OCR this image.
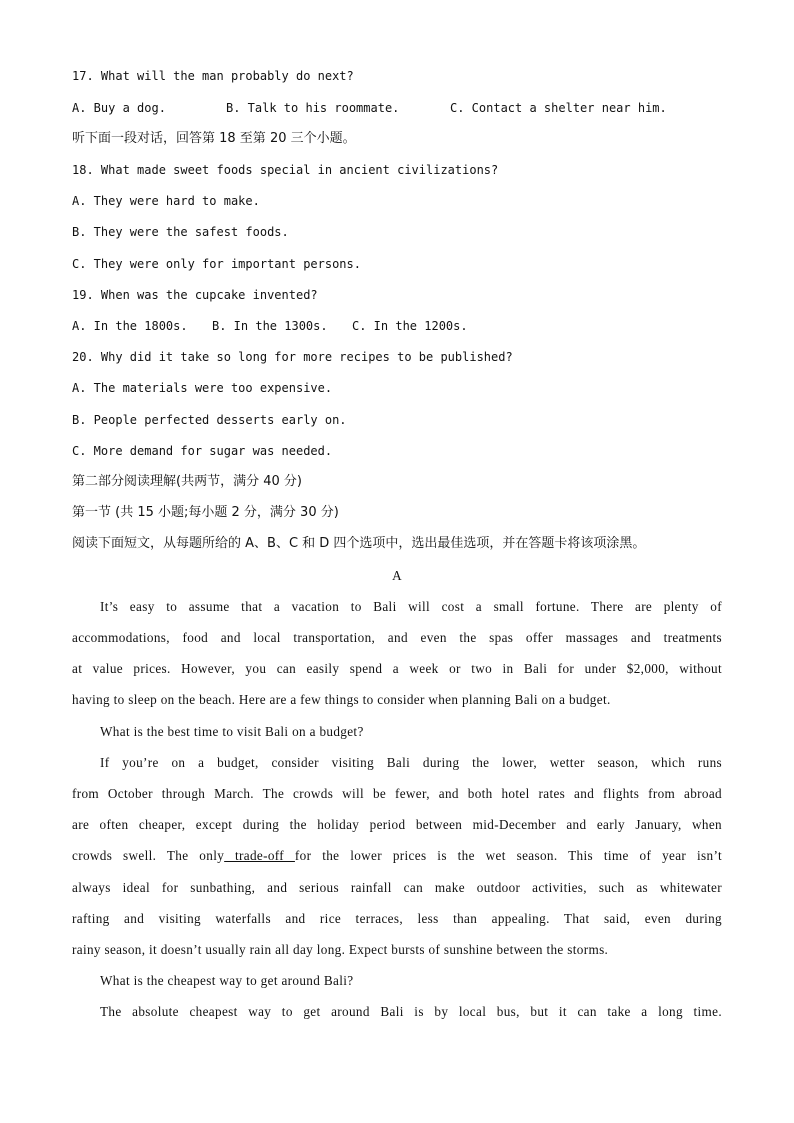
17. What will the man probably do next?
A. Buy a dog.	B. Talk to his roommate.	C. Contact a shelter near him.
听下面一段对话，回答第 18 至第 20 三个小题。
18. What made sweet foods special in ancient civilizations?
A. They were hard to make.
B. They were the safest foods.
C. They were only for important persons.
19. When was the cupcake invented?
A. In the 1800s. B. In the 1300s. C. In the 1200s.
20. Why did it take so long for more recipes to be published?
A. The materials were too expensive.
B. People perfected desserts early on.
C. More demand for sugar was needed.
第二部分阅读理解(共两节，满分 40 分)
第一节 (共 15 小题;每小题 2 分，满分 30 分)
阅读下面短文，从每题所给的 A、B、C 和 D 四个选项中，选出最佳选项，并在答题卡将该项涂黑。
A
It’s easy to assume that a vacation to Bali will cost a small fortune. There are plenty of
accommodations, food and local transportation, and even the spas offer massages and treatments
at value prices. However, you can easily spend a week or two in Bali for under $2,000, without
having to sleep on the beach. Here are a few things to consider when planning Bali on a budget.
What is the best time to visit Bali on a budget?
If you’re on a budget, consider visiting Bali during the lower, wetter season, which runs
from October through March. The crowds will be fewer, and both hotel rates and flights from abroad
are often cheaper, except during the holiday period between mid-December and early January, when
crowds swell. The only trade-off for the lower prices is the wet season. This time of year isn’t
always ideal for sunbathing, and serious rainfall can make outdoor activities, such as whitewater
rafting and visiting waterfalls and rice terraces, less than appealing. That said, even during
rainy season, it doesn’t usually rain all day long. Expect bursts of sunshine between the storms.
What is the cheapest way to get around Bali?
The absolute cheapest way to get around Bali is by local bus, but it can take a long time.
